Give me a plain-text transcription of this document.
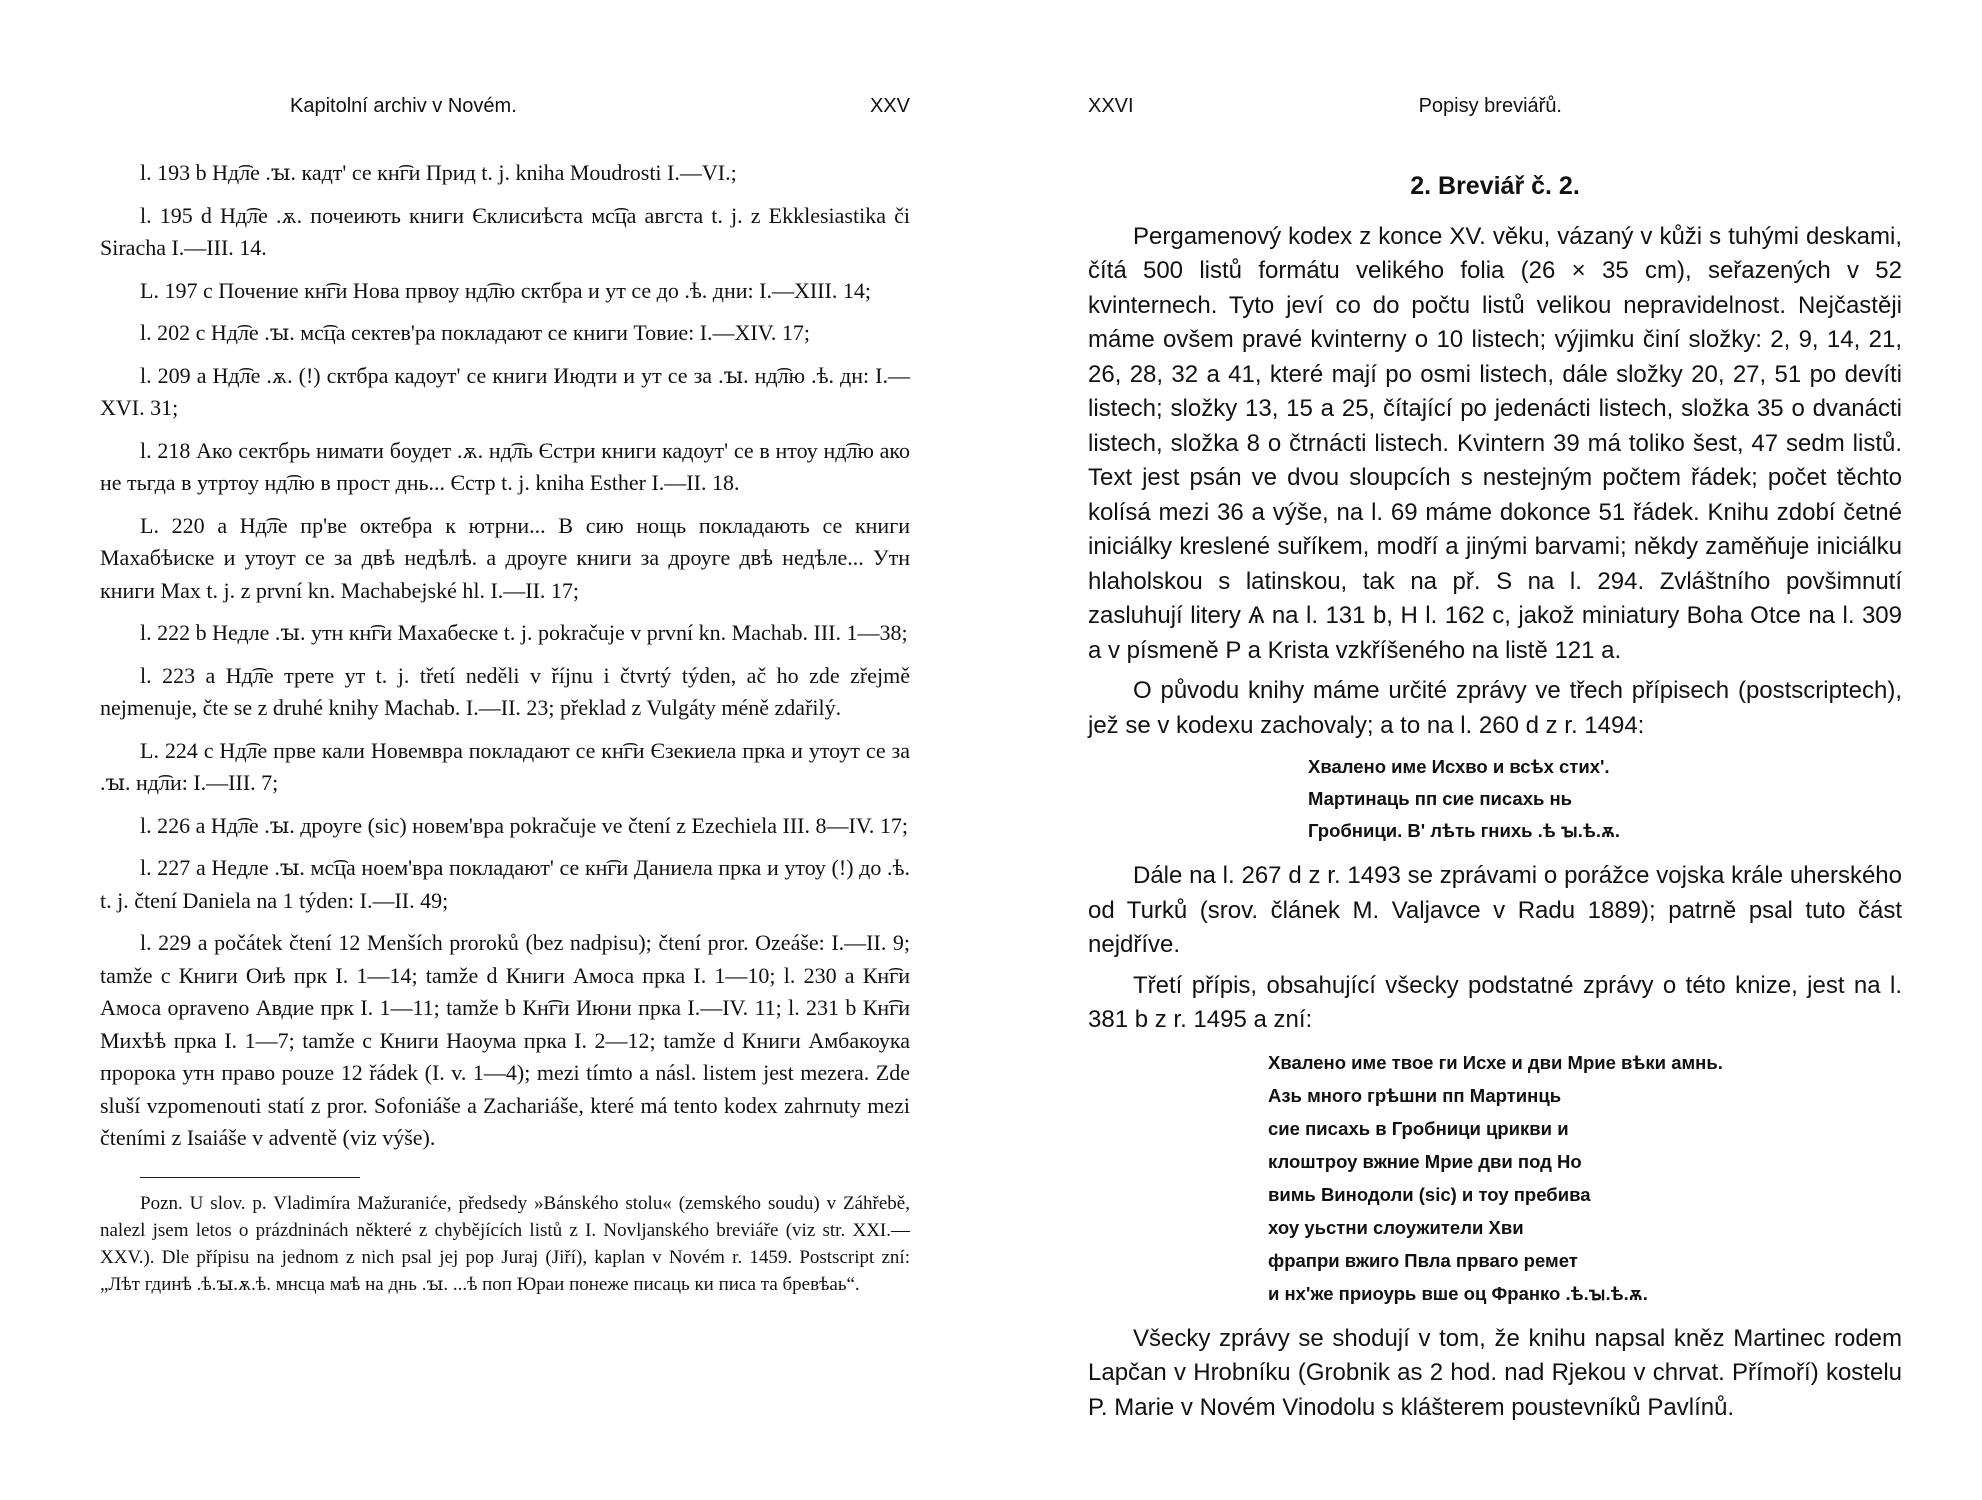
Kapitolní archiv v Novém.	XXV

l. 193 b Нд͡ле .ꙑ. кадт' се кн͡ги Прид t. j. kniha Moudrosti I.—VI.;

l. 195 d Нд͡ле .ѫ. почеиють книги Єклисиѣста мс͡ца авгста t. j. z Ekklesiastika či Siracha I.—III. 14.

L. 197 c Почение кн͡ги Нова првоу нд͡лю сктбра и ут се до .ѣ. дни: I.—XIII. 14;

l. 202 c Нд͡ле .ꙑ. мс͡ца сектев'ра покладают се книги Товие: I.—XIV. 17;

l. 209 a Нд͡ле .ѫ. (!) сктбра кадоут' се книги Июдти и ут се за .ꙑ. нд͡лю .ѣ. дн: I.—XVI. 31;

l. 218 Ако сектбрь нимати боудет .ѫ. нд͡ль Єстри книги кадоут' се в нтоу нд͡лю ако не тьгда в утртоу нд͡лю в прост днь... Єстр t. j. kniha Esther I.—II. 18.

L. 220 a Нд͡ле пр'ве октебра к ютрни... В сию нощь покладають се книги Махабѣиске и утоут се за двѣ недѣлѣ. а дроуге книги за дроуге двѣ недѣле... Утн книги Мах t. j. z první kn. Machabejské hl. I.—II. 17;

l. 222 b Недле .ꙑ. утн кн͡ги Махабеске t. j. pokračuje v první kn. Machab. III. 1—38;

l. 223 a Нд͡ле трете ут t. j. třetí neděli v říjnu i čtvrtý týden, ač ho zde zřejmě nejmenuje, čte se z druhé knihy Machab. I.—II. 23; překlad z Vulgáty méně zdařilý.

L. 224 c Нд͡ле прве кали Новемвра покладают се кн͡ги Єзекиела прка и утоут се за .ꙑ. нд͡ли: I.—III. 7;

l. 226 a Нд͡ле .ꙑ. дроуге (sic) новем'вра pokračuje ve čtení z Ezechiela III. 8—IV. 17;

l. 227 a Недле .ꙑ. мс͡ца ноем'вра покладают' се кн͡ги Даниела прка и утоу (!) до .ѣ. t. j. čtení Daniela na 1 týden: I.—II. 49;

l. 229 a počátek čtení 12 Menších proroků (bez nadpisu); čtení pror. Ozeáše: I.—II. 9; tamže c Книги Оиѣ прк I. 1—14; tamže d Книги Амоса прка I. 1—10; l. 230 a Кн͡ги Амоса opraveno Авдие прк I. 1—11; tamže b Кн͡ги Июни прка I.—IV. 11; l. 231 b Кн͡ги Михѣѣ прка I. 1—7; tamže c Книги Наоума прка I. 2—12; tamže d Книги Амбакоука пророка утн право pouze 12 řádek (I. v. 1—4); mezi tímto a násl. listem jest mezera. Zde sluší vzpomenouti statí z pror. Sofoniáše a Zachariáše, které má tento kodex zahrnuty mezi čteními z Isaiáše v adventě (viz výše).

Pozn. U slov. p. Vladimíra Mažuraniće, předsedy »Bánského stolu« (zemského soudu) v Záhřebě, nalezl jsem letos o prázdninách některé z chybějících listů z I. Novljanského breviáře (viz str. XXI.—XXV.). Dle přípisu na jednom z nich psal jej pop Juraj (Jiří), kaplan v Novém r. 1459. Postscript zní: „Лѣт гдинѣ .ѣ.ꙑ.ѫ.ѣ. мнсца маѣ на днь .ꙑ. ...ѣ поп Юраи понеже писаць ки писа та бревѣаь“.

XXVI	Popisy breviářů.
2. Breviář č. 2.

Pergamenový kodex z konce XV. věku, vázaný v kůži s tuhými deskami, čítá 500 listů formátu velikého folia (26 × 35 cm), seřazených v 52 kvinternech. Tyto jeví co do počtu listů velikou nepravidelnost. Nejčastěji máme ovšem pravé kvinterny o 10 listech; výjimku činí složky: 2, 9, 14, 21, 26, 28, 32 a 41, které mají po osmi listech, dále složky 20, 27, 51 po devíti listech; složky 13, 15 a 25, čítající po jedenácti listech, složka 35 o dvanácti listech, složka 8 o čtrnácti listech. Kvintern 39 má toliko šest, 47 sedm listů. Text jest psán ve dvou sloupcích s nestejným počtem řádek; počet těchto kolísá mezi 36 a výše, na l. 69 máme dokonce 51 řádek. Knihu zdobí četné iniciálky kreslené suříkem, modří a jinými barvami; někdy zaměňuje iniciálku hlaholskou s latinskou, tak na př. S na l. 294. Zvláštního povšimnutí zasluhují litery Ѧ na l. 131 b, Н l. 162 c, jakož miniatury Boha Otce na l. 309 a v písmeně P a Krista vzkříšeného na listě 121 a.

O původu knihy máme určité zprávy ve třech přípisech (postscriptech), jež se v kodexu zachovaly; a to na l. 260 d z r. 1494:

Хвалено име Исхво и всѣх стих'.
Мартинаць пп сие писахь нь
Гробници. В' лѣть гнихь .ѣ ꙑ.ѣ.ѫ.

Dále na l. 267 d z r. 1493 se zprávami o porážce vojska krále uherského od Turků (srov. článek M. Valjavce v Radu 1889); patrně psal tuto část nejdříve.

Třetí přípis, obsahující všecky podstatné zprávy o této knize, jest na l. 381 b z r. 1495 a zní:

Хвалено име твое ги Исхе и дви Мрие вѣки амнь.
Азь много грѣшни пп Мартинць
сие писахь в Гробници црикви и
клоштроу вжние Мрие дви под Но
вимь Винодоли (sic) и тоу пребива
хоу уьстни слоужители Хви
фрапри вжиго Пвла прваго ремет
и нх'же приоурь вше оц Франко .ѣ.ꙑ.ѣ.ѫ.

Všecky zprávy se shodují v tom, že knihu napsal kněz Martinec rodem Lapčan v Hrobníku (Grobnik as 2 hod. nad Rjekou v chrvat. Přímoří) kostelu P. Marie v Novém Vinodolu s klášterem poustevníků Pavlínů.
